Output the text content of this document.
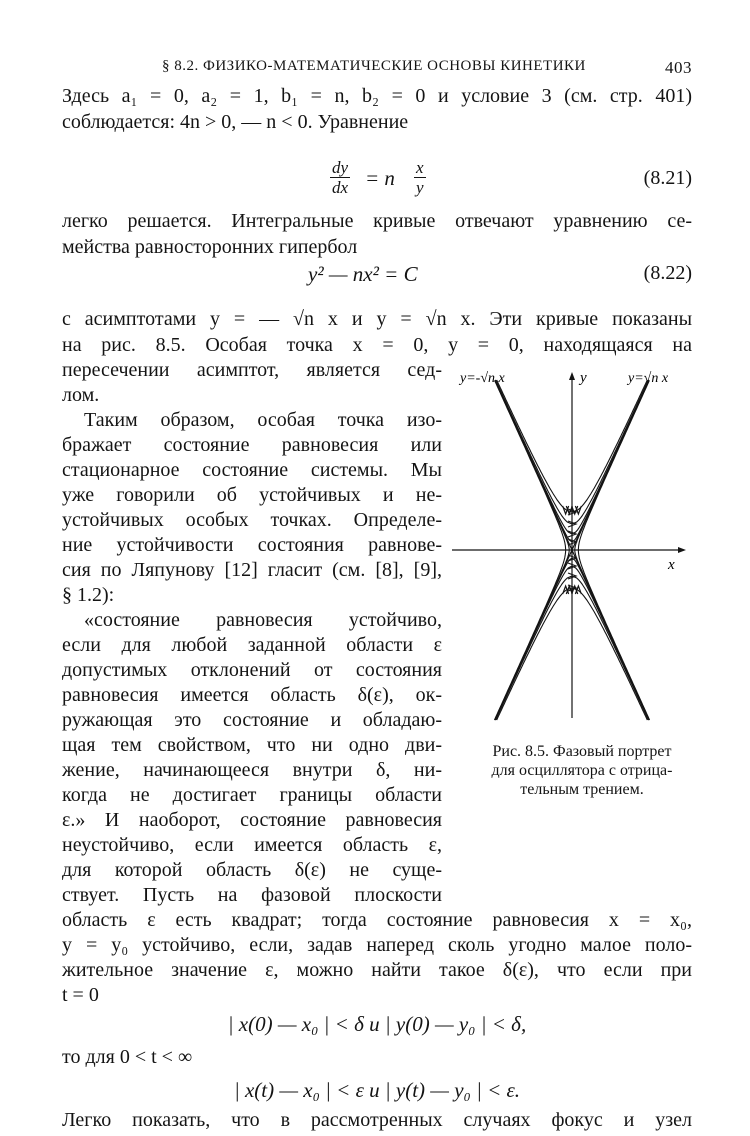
§ 8.2. ФИЗИКО-МАТЕМАТИЧЕСКИЕ ОСНОВЫ КИНЕТИКИ	403
Здесь a₁ = 0, a₂ = 1, b₁ = n, b₂ = 0 и условие 3 (см. стр. 401)
соблюдается: 4n > 0, — n < 0. Уравнение
$\frac{dy}{dx} = n \frac{x}{y}$	(8.21)
легко решается. Интегральные кривые отвечают уравнению се-
мейства равносторонних гипербол
y² — nx² = C	(8.22)
с асимптотами y = — √n x и y = √n x. Эти кривые показаны
на рис. 8.5. Особая точка x = 0, y = 0, находящаяся на
пересечении асимптот, является сед-
лом.
Таким образом, особая точка изо-
бражает состояние равновесия или
стационарное состояние системы. Мы
уже говорили об устойчивых и не-
устойчивых особых точках. Определе-
ние устойчивости состояния равнове-
сия по Ляпунову [12] гласит (см. [8], [9],
§ 1.2):
«состояние равновесия устойчиво,
если для любой заданной области ε
допустимых отклонений от состояния
равновесия имеется область δ(ε), ок-
ружающая это состояние и обладаю-
щая тем свойством, что ни одно дви-
жение, начинающееся внутри δ, ни-
когда не достигает границы области
ε.» И наоборот, состояние равновесия
неустойчиво, если имеется область ε,
для которой область δ(ε) не суще-
ствует. Пусть на фазовой плоскости
область ε есть квадрат; тогда состояние равновесия x = x₀,
y = y₀ устойчиво, если, задав наперед сколь угодно малое поло-
жительное значение ε, можно найти такое δ(ε), что если при
t = 0
| x(0) — x₀ | < δ и | y(0) — y₀ | < δ,
то для 0 < t < ∞
| x(t) — x₀ | < ε и | y(t) — y₀ | < ε.
Легко показать, что в рассмотренных случаях фокус и узел
y=-√n x	y	y=√n x
x
Рис. 8.5. Фазовый портрет
для осциллятора с отрица-
тельным трением.
